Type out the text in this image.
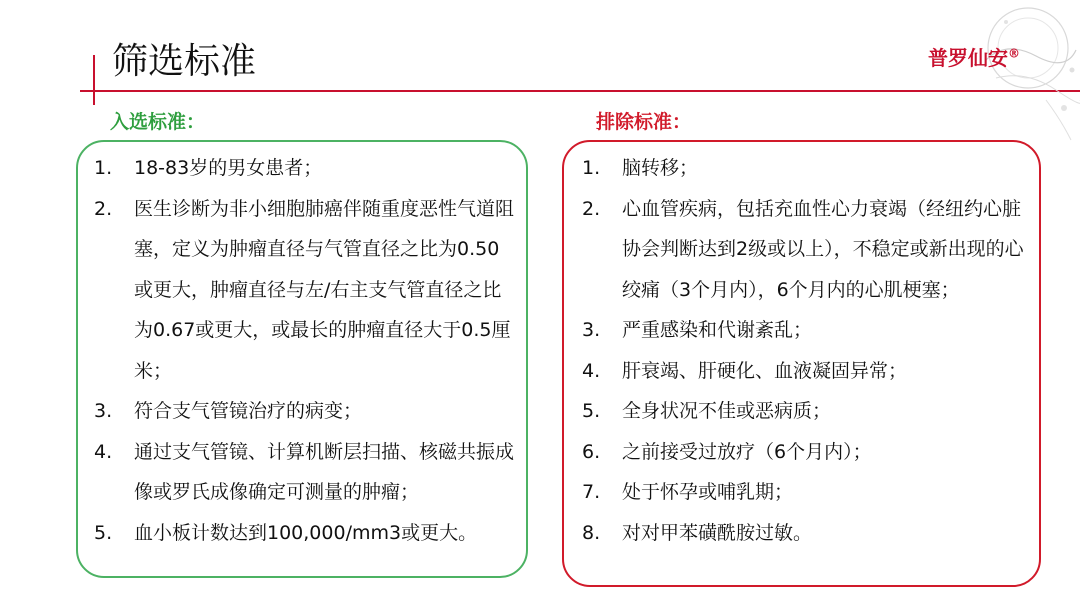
筛选标准	普罗仙安®
入选标准：	排除标准：
1.	18-83岁的男女患者；
2.	医生诊断为非小细胞肺癌伴随重度恶性气道阻塞，定义为肿瘤直径与气管直径之比为0.50或更大，肿瘤直径与左/右主支气管直径之比为0.67或更大，或最长的肿瘤直径大于0.5厘米；
3.	符合支气管镜治疗的病变；
4.	通过支气管镜、计算机断层扫描、核磁共振成像或罗氏成像确定可测量的肿瘤；
5.	血小板计数达到100,000/mm3或更大。
1.	脑转移；
2.	心血管疾病，包括充血性心力衰竭（经纽约心脏协会判断达到2级或以上），不稳定或新出现的心绞痛（3个月内），6个月内的心肌梗塞；
3.	严重感染和代谢紊乱；
4.	肝衰竭、肝硬化、血液凝固异常；
5.	全身状况不佳或恶病质；
6.	之前接受过放疗（6个月内）；
7.	处于怀孕或哺乳期；
8.	对对甲苯磺酰胺过敏。
